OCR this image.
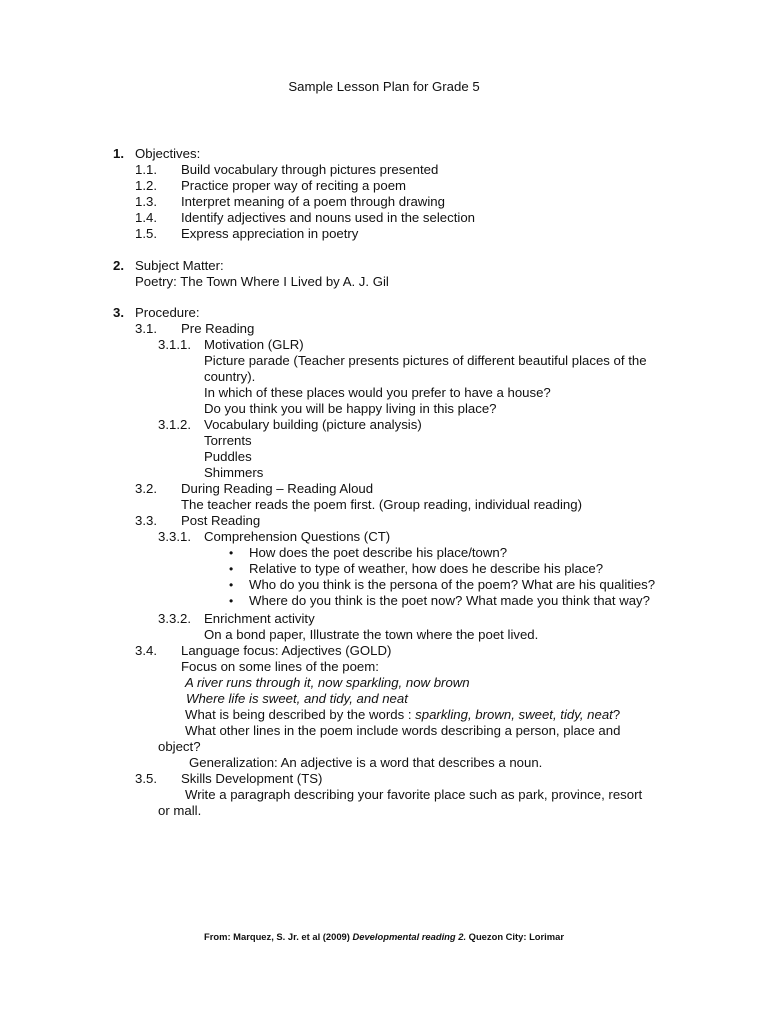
Sample Lesson Plan for Grade 5
1. Objectives:
1.1. Build vocabulary through pictures presented
1.2. Practice proper way of reciting a poem
1.3. Interpret meaning of a poem through drawing
1.4. Identify adjectives and nouns used in the selection
1.5. Express appreciation in poetry
2. Subject Matter:
Poetry: The Town Where I Lived by A. J. Gil
3. Procedure:
3.1. Pre Reading
3.1.1. Motivation (GLR)
Picture parade (Teacher presents pictures of different beautiful places of the
country).
In which of these places would you prefer to have a house?
Do you think you will be happy living in this place?
3.1.2. Vocabulary building (picture analysis)
Torrents
Puddles
Shimmers
3.2. During Reading – Reading Aloud
The teacher reads the poem first. (Group reading, individual reading)
3.3. Post Reading
3.3.1. Comprehension Questions (CT)
• How does the poet describe his place/town?
• Relative to type of weather, how does he describe his place?
• Who do you think is the persona of the poem? What are his qualities?
• Where do you think is the poet now? What made you think that way?
3.3.2. Enrichment activity
On a bond paper, Illustrate the town where the poet lived.
3.4. Language focus: Adjectives (GOLD)
Focus on some lines of the poem:
A river runs through it, now sparkling, now brown
Where life is sweet, and tidy, and neat
What is being described by the words : sparkling, brown, sweet, tidy, neat?
What other lines in the poem include words describing a person, place and
object?
Generalization: An adjective is a word that describes a noun.
3.5. Skills Development (TS)
Write a paragraph describing your favorite place such as park, province, resort
or mall.
From: Marquez, S. Jr. et al (2009) Developmental reading 2. Quezon City: Lorimar
